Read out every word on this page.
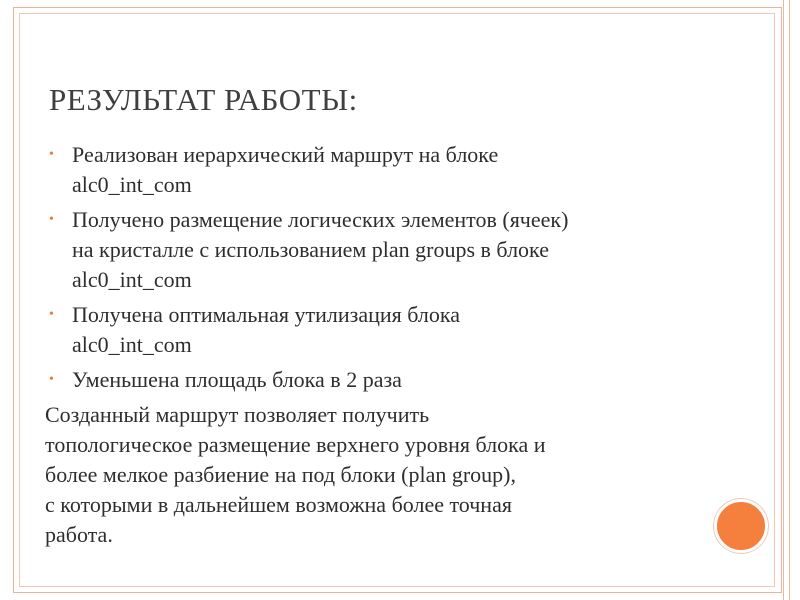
РЕЗУЛЬТАТ РАБОТЫ:
• Реализован иерархический маршрут на блоке
alc0_int_com
• Получено размещение логических элементов (ячеек)
на кристалле с использованием plan groups в блоке
alc0_int_com
• Получена оптимальная утилизация блока
alc0_int_com
• Уменьшена площадь блока в 2 раза
Созданный маршрут позволяет получить
топологическое размещение верхнего уровня блока и
более мелкое разбиение на под блоки (plan group),
с которыми в дальнейшем возможна более точная
работа.
